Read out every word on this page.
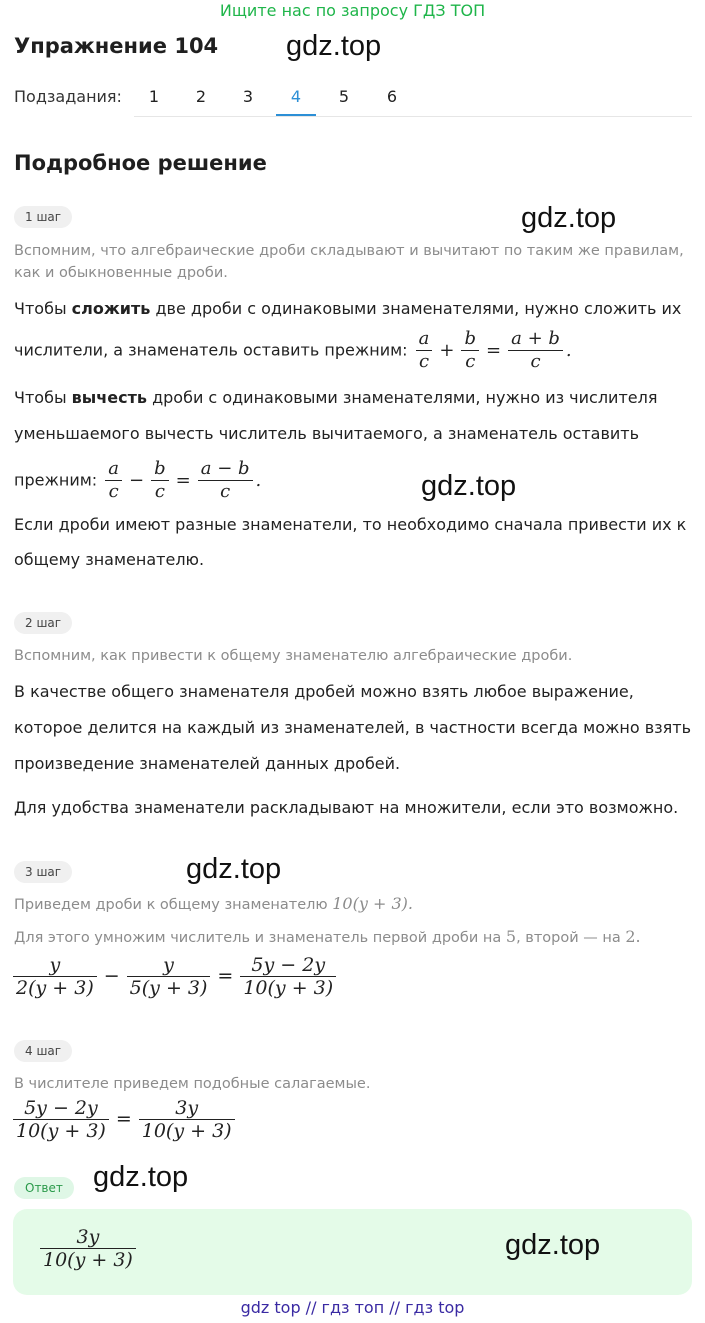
Ищите нас по запросу ГДЗ ТОП
Упражнение 104 gdz.top
Подзадания:	1	2	3	4	5	6
Подробное решение
1 шаг	gdz.top
Вспомним, что алгебраические дроби складывают и вычитают по таким же правилам,
как и обыкновенные дроби.
Чтобы сложить две дроби с одинаковыми знаменателями, нужно сложить их
числители, а знаменатель оставить прежним: $\frac{a}{c} + \frac{b}{c} = \frac{a + b}{c}$ .
Чтобы вычесть дроби с одинаковыми знаменателями, нужно из числителя
уменьшаемого вычесть числитель вычитаемого, а знаменатель оставить
прежним: $\frac{a}{c} - \frac{b}{c} = \frac{a - b}{c}$ .	gdz.top
Если дроби имеют разные знаменатели, то необходимо сначала привести их к
общему знаменателю.
2 шаг
Вспомним, как привести к общему знаменателю алгебраические дроби.
В качестве общего знаменателя дробей можно взять любое выражение,
которое делится на каждый из знаменателей, в частности всегда можно взять
произведение знаменателей данных дробей.
Для удобства знаменатели раскладывают на множители, если это возможно.
3 шаг	gdz.top
Приведем дроби к общему знаменателю 10(y + 3).
Для этого умножим числитель и знаменатель первой дроби на 5, второй — на 2.
$\frac{y}{2(y + 3)} - \frac{y}{5(y + 3)} = \frac{5y - 2y}{10(y + 3)}$
4 шаг
В числителе приведем подобные салагаемые.
$\frac{5y - 2y}{10(y + 3)} = \frac{3y}{10(y + 3)}$
Ответ	gdz.top
$\frac{3y}{10(y + 3)}$	gdz.top
gdz top // гдз топ // гдз top
